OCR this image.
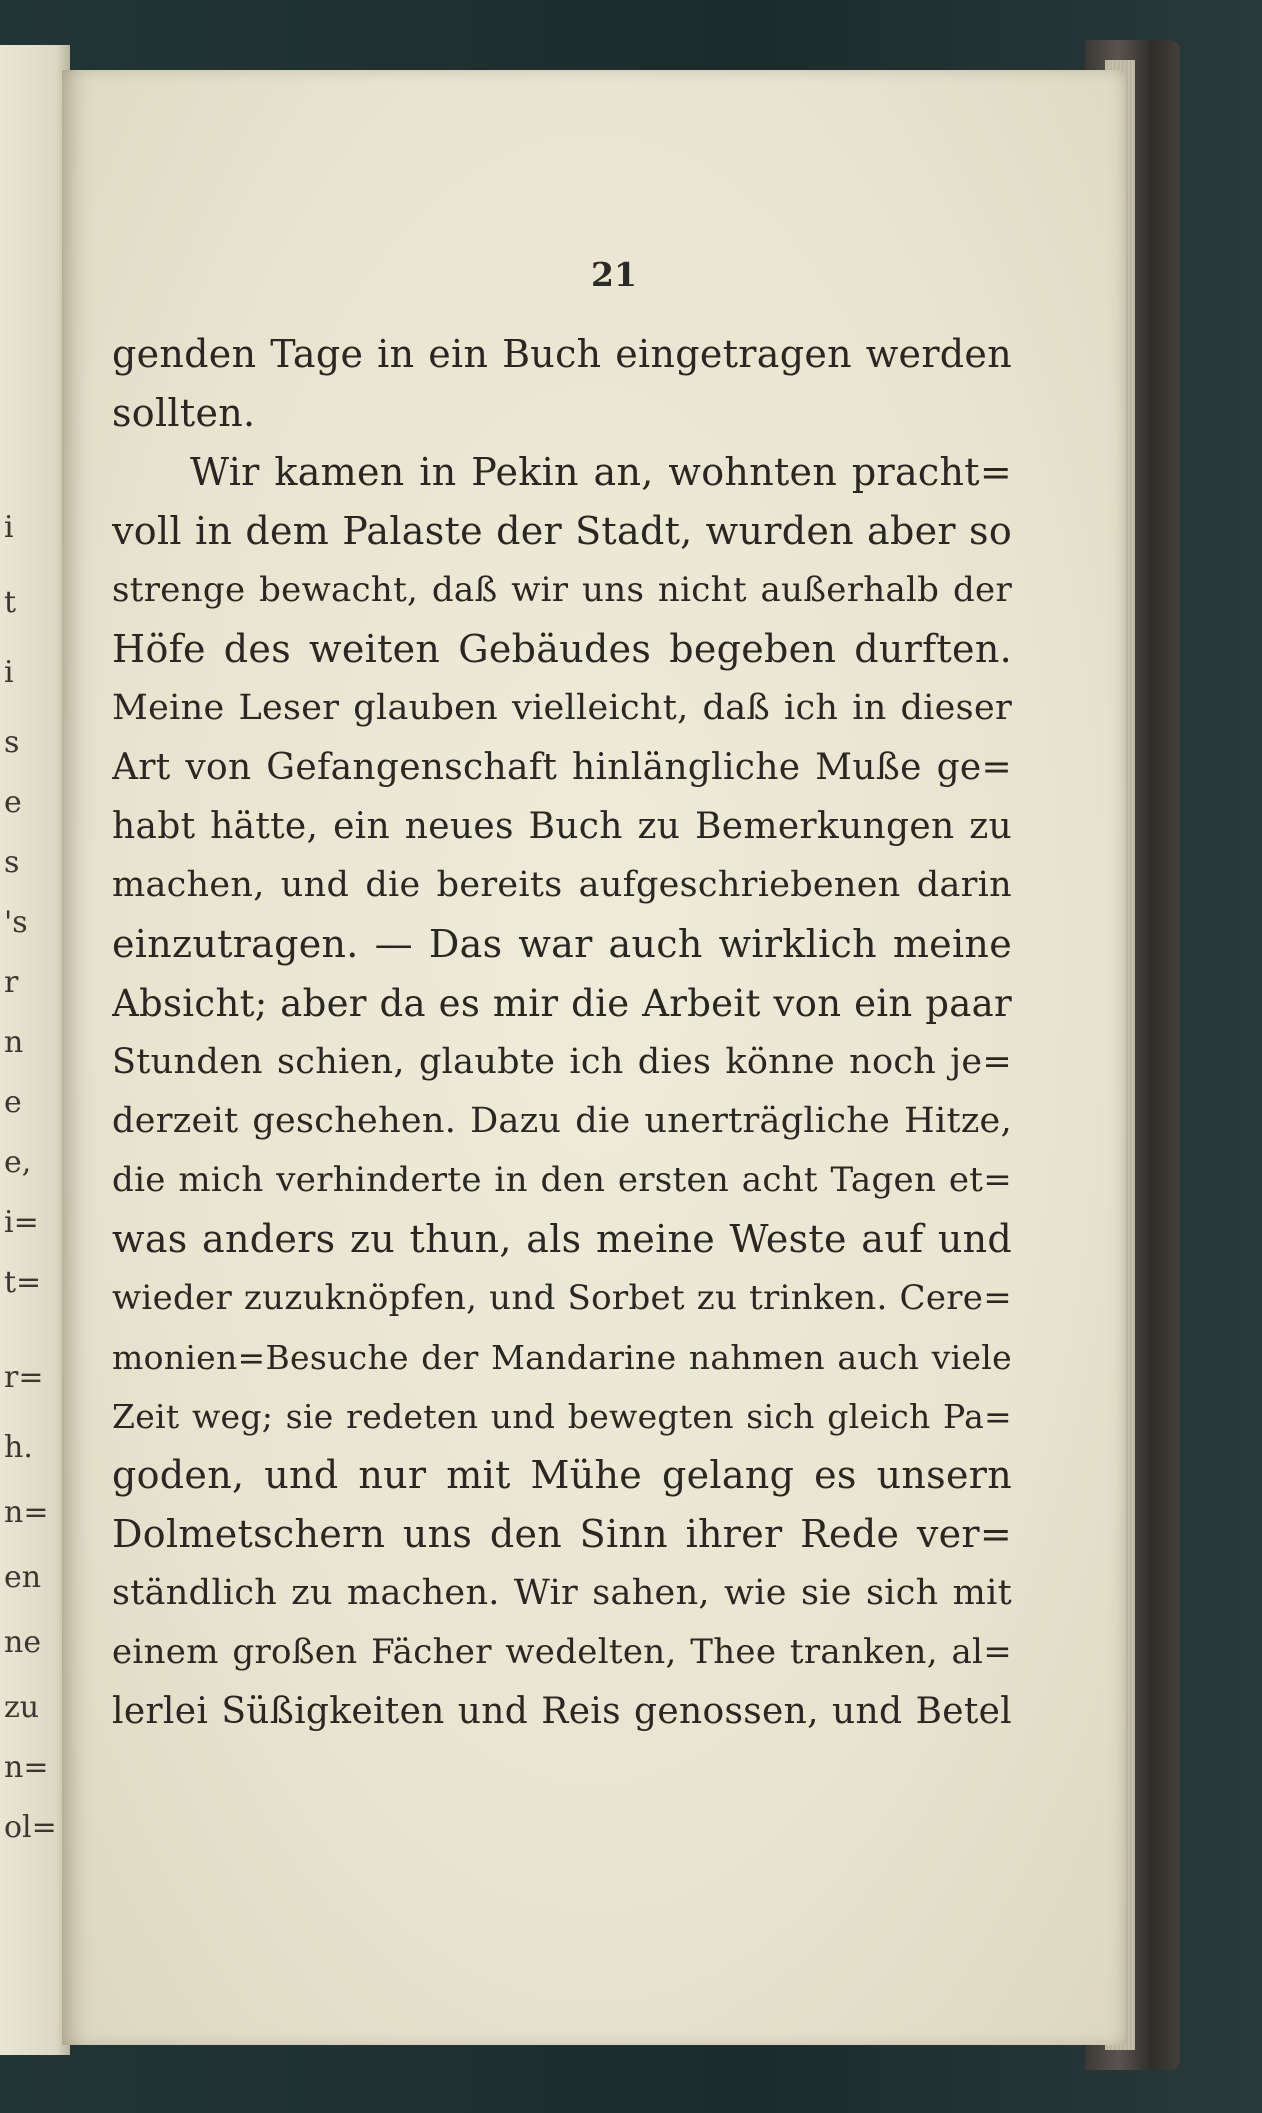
i
t
i
s
e
s
's
r
n
e
e,
i=
t=
r=
h.
n=
en
ne
zu
n=
ol=
21
genden Tage in ein Buch eingetragen werden
sollten.
Wir kamen in Pekin an, wohnten pracht=
voll in dem Palaste der Stadt, wurden aber so
strenge bewacht, daß wir uns nicht außerhalb der
Höfe des weiten Gebäudes begeben durften.
Meine Leser glauben vielleicht, daß ich in dieser
Art von Gefangenschaft hinlängliche Muße ge=
habt hätte, ein neues Buch zu Bemerkungen zu
machen, und die bereits aufgeschriebenen darin
einzutragen. — Das war auch wirklich meine
Absicht; aber da es mir die Arbeit von ein paar
Stunden schien, glaubte ich dies könne noch je=
derzeit geschehen. Dazu die unerträgliche Hitze,
die mich verhinderte in den ersten acht Tagen et=
was anders zu thun, als meine Weste auf und
wieder zuzuknöpfen, und Sorbet zu trinken. Cere=
monien=Besuche der Mandarine nahmen auch viele
Zeit weg; sie redeten und bewegten sich gleich Pa=
goden, und nur mit Mühe gelang es unsern
Dolmetschern uns den Sinn ihrer Rede ver=
ständlich zu machen. Wir sahen, wie sie sich mit
einem großen Fächer wedelten, Thee tranken, al=
lerlei Süßigkeiten und Reis genossen, und Betel
